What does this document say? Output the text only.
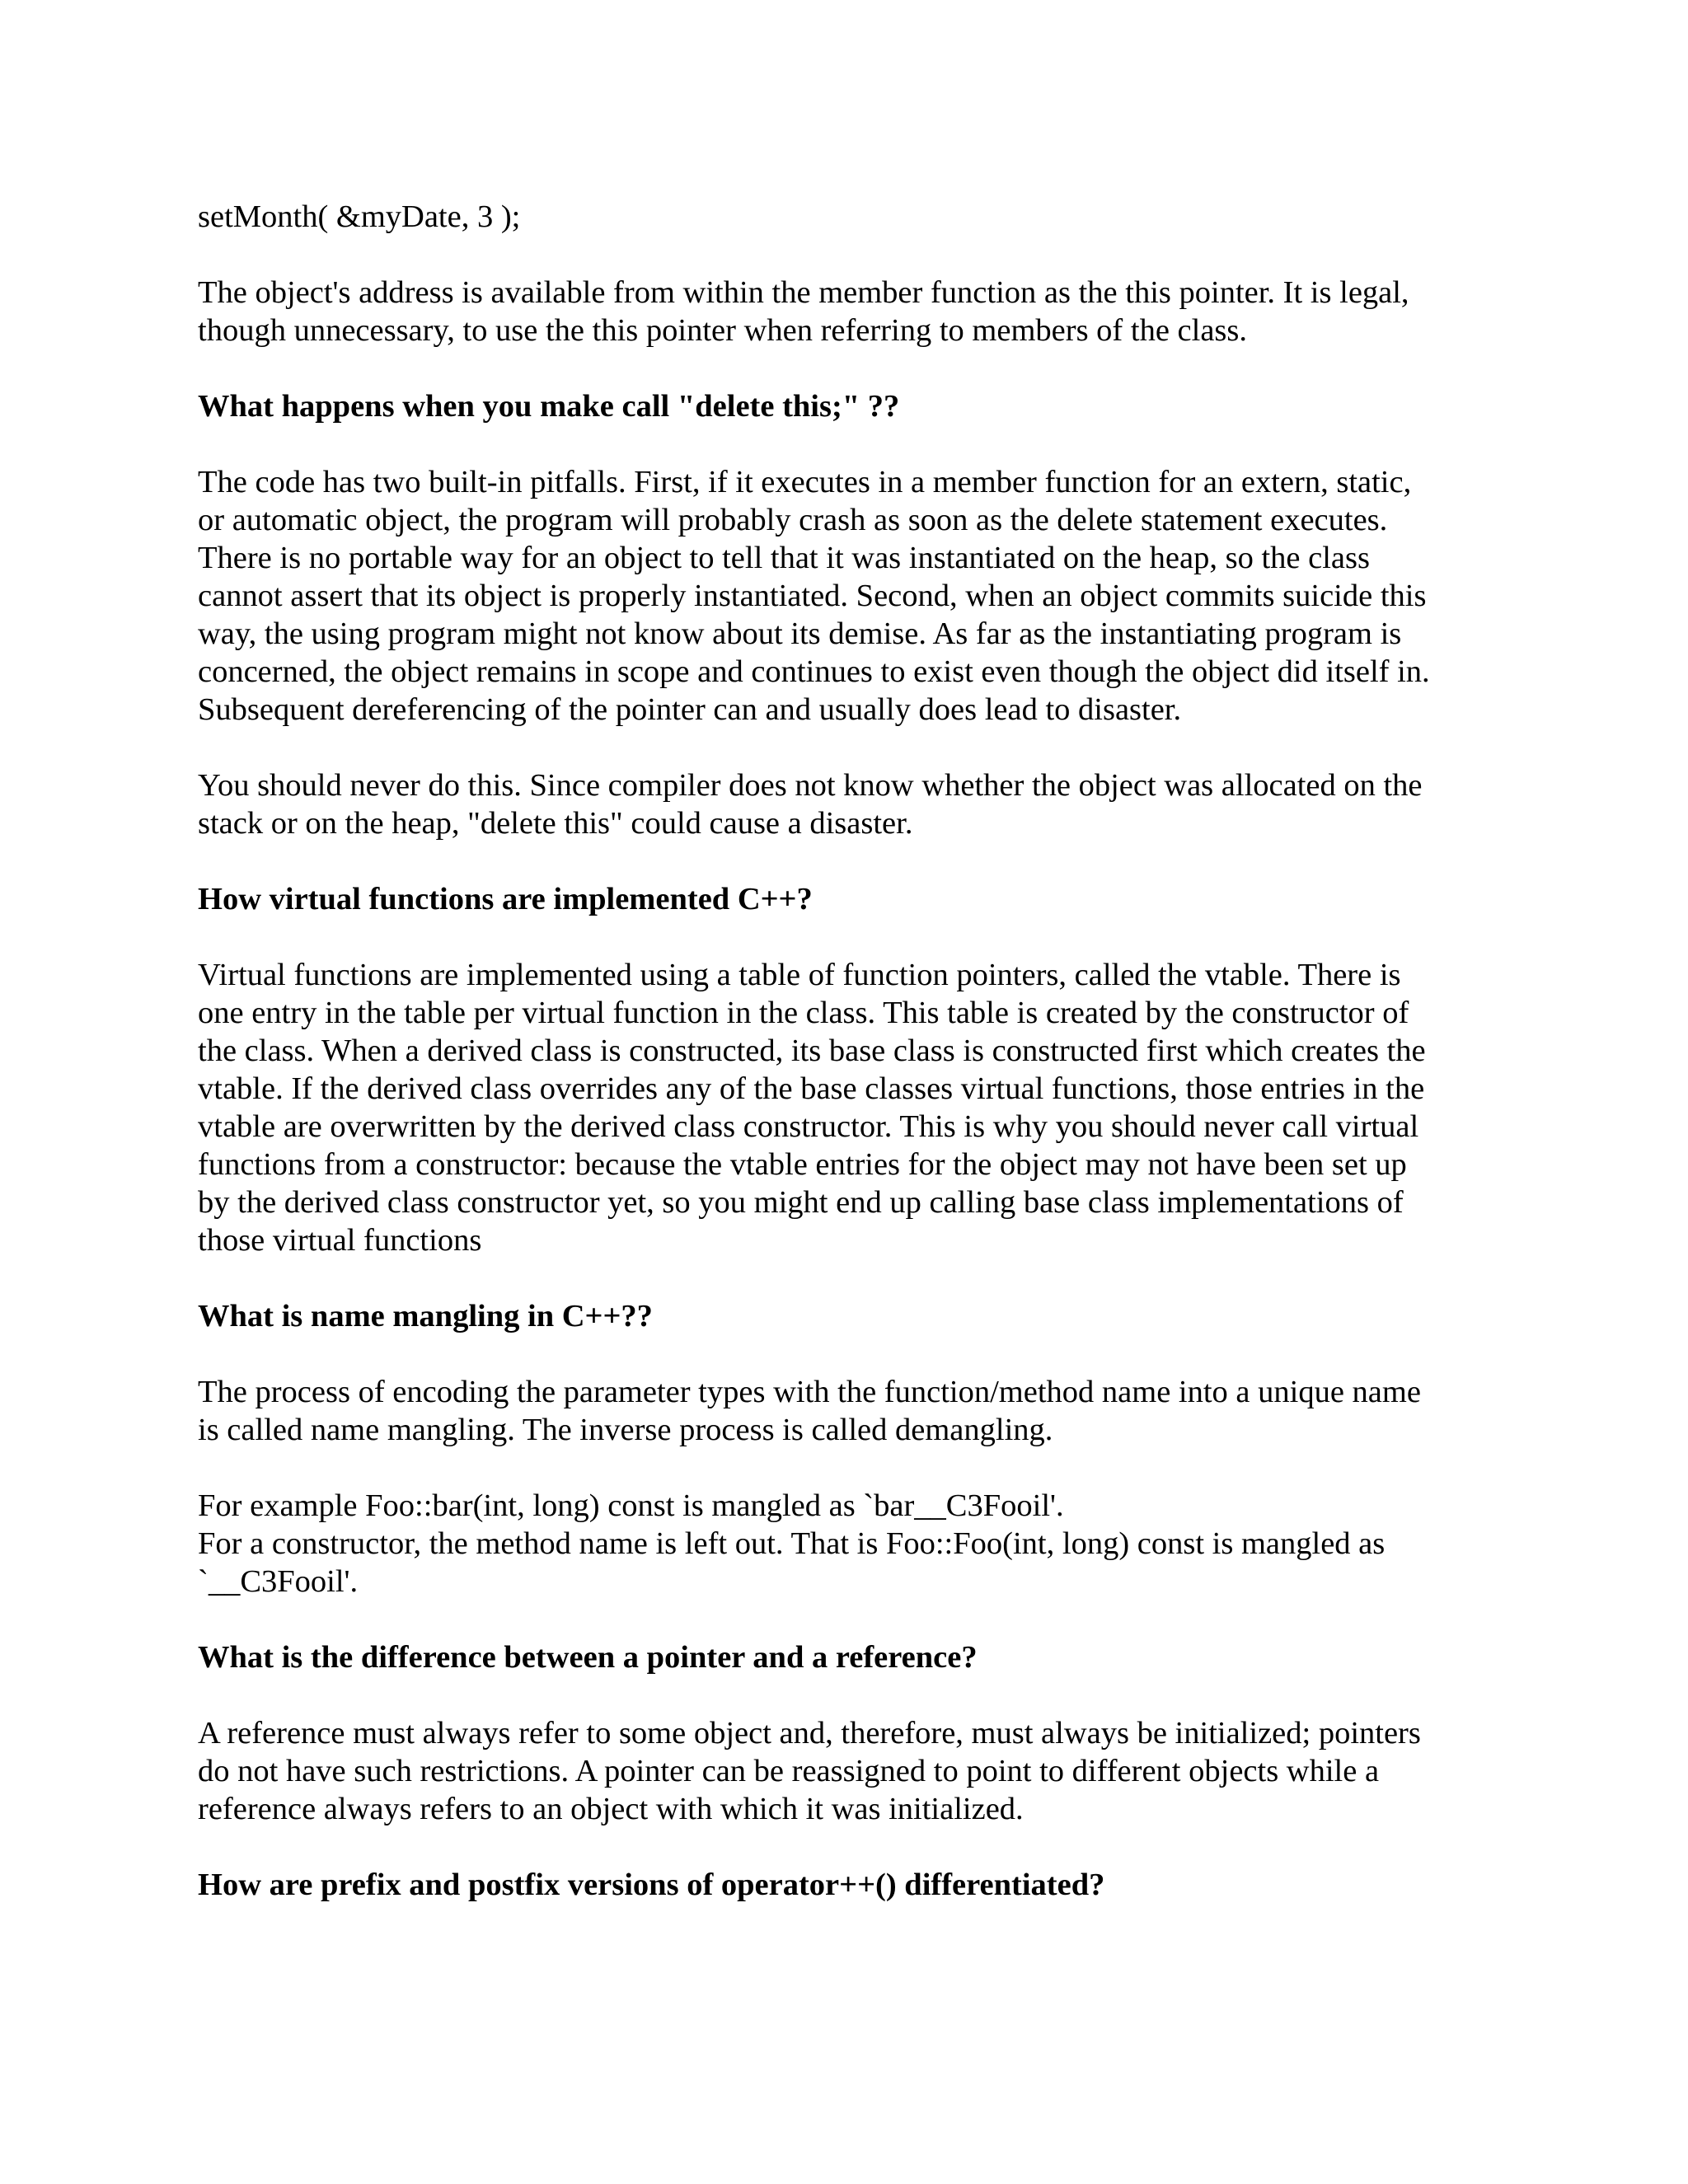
setMonth( &myDate, 3 );

The object's address is available from within the member function as the this pointer. It is legal,
though unnecessary, to use the this pointer when referring to members of the class.

What happens when you make call "delete this;" ??

The code has two built-in pitfalls. First, if it executes in a member function for an extern, static,
or automatic object, the program will probably crash as soon as the delete statement executes.
There is no portable way for an object to tell that it was instantiated on the heap, so the class
cannot assert that its object is properly instantiated. Second, when an object commits suicide this
way, the using program might not know about its demise. As far as the instantiating program is
concerned, the object remains in scope and continues to exist even though the object did itself in.
Subsequent dereferencing of the pointer can and usually does lead to disaster.

You should never do this. Since compiler does not know whether the object was allocated on the
stack or on the heap, "delete this" could cause a disaster.

How virtual functions are implemented C++?

Virtual functions are implemented using a table of function pointers, called the vtable. There is
one entry in the table per virtual function in the class. This table is created by the constructor of
the class. When a derived class is constructed, its base class is constructed first which creates the
vtable. If the derived class overrides any of the base classes virtual functions, those entries in the
vtable are overwritten by the derived class constructor. This is why you should never call virtual
functions from a constructor: because the vtable entries for the object may not have been set up
by the derived class constructor yet, so you might end up calling base class implementations of
those virtual functions

What is name mangling in C++??

The process of encoding the parameter types with the function/method name into a unique name
is called name mangling. The inverse process is called demangling.

For example Foo::bar(int, long) const is mangled as `bar__C3Fooil'.
For a constructor, the method name is left out. That is Foo::Foo(int, long) const is mangled as
`__C3Fooil'.

What is the difference between a pointer and a reference?

A reference must always refer to some object and, therefore, must always be initialized; pointers
do not have such restrictions. A pointer can be reassigned to point to different objects while a
reference always refers to an object with which it was initialized.

How are prefix and postfix versions of operator++() differentiated?
